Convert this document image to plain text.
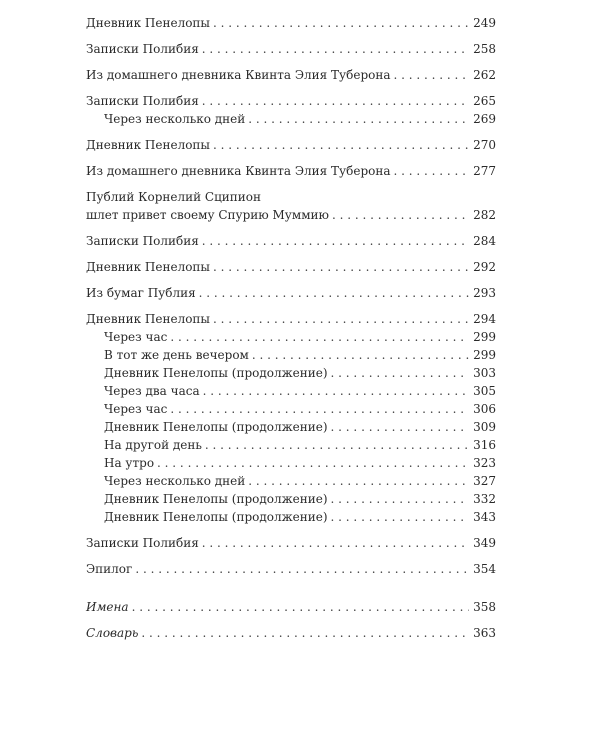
Дневник Пенелопы . . .	249
Записки Полибия . . .	258
Из домашнего дневника Квинта Элия Туберона . . .	262
Записки Полибия . . .	265
Через несколько дней . . .	269
Дневник Пенелопы . . .	270
Из домашнего дневника Квинта Элия Туберона . . .	277
Публий Корнелий Сципион
шлет привет своему Спурию Муммию . . .	282
Записки Полибия . . .	284
Дневник Пенелопы . . .	292
Из бумаг Публия . . .	293
Дневник Пенелопы . . .	294
Через час . . .	299
В тот же день вечером . . .	299
Дневник Пенелопы (продолжение) . . .	303
Через два часа . . .	305
Через час . . .	306
Дневник Пенелопы (продолжение) . . .	309
На другой день . . .	316
На утро . . .	323
Через несколько дней . . .	327
Дневник Пенелопы (продолжение) . . .	332
Дневник Пенелопы (продолжение) . . .	343
Записки Полибия . . .	349
Эпилог . . .	354
Имена . . .	358
Словарь . . .	363
